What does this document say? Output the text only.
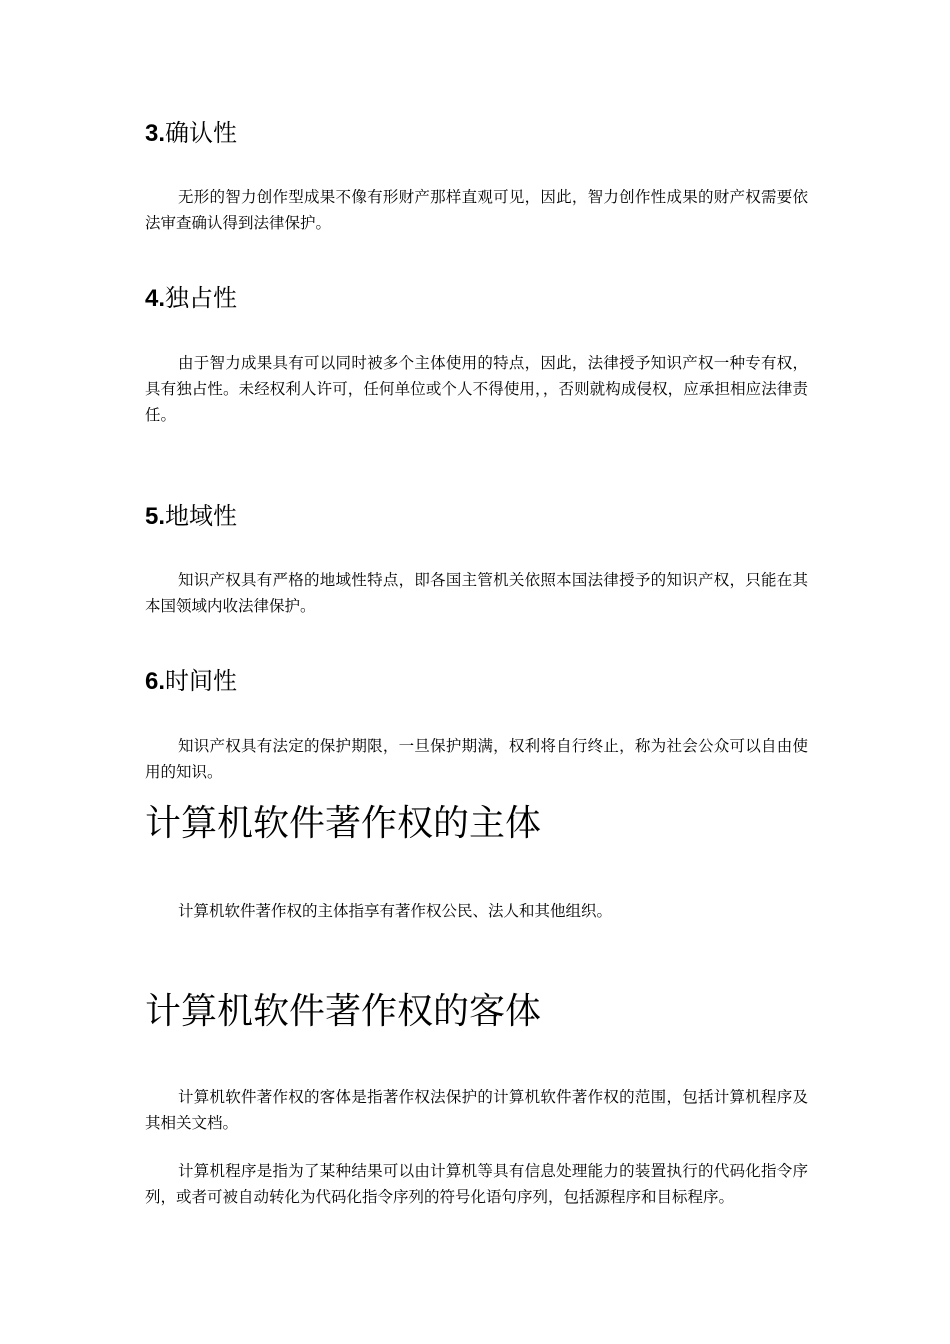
3.确认性

无形的智力创作型成果不像有形财产那样直观可见，因此，智力创作性成果的财产权需要依法审查确认得到法律保护。

4.独占性

由于智力成果具有可以同时被多个主体使用的特点，因此，法律授予知识产权一种专有权，具有独占性。未经权利人许可，任何单位或个人不得使用，，否则就构成侵权，应承担相应法律责任。

5.地域性

知识产权具有严格的地域性特点，即各国主管机关依照本国法律授予的知识产权，只能在其本国领域内收法律保护。

6.时间性

知识产权具有法定的保护期限，一旦保护期满，权利将自行终止，称为社会公众可以自由使用的知识。

计算机软件著作权的主体

计算机软件著作权的主体指享有著作权公民、法人和其他组织。

计算机软件著作权的客体

计算机软件著作权的客体是指著作权法保护的计算机软件著作权的范围，包括计算机程序及其相关文档。

计算机程序是指为了某种结果可以由计算机等具有信息处理能力的装置执行的代码化指令序列，或者可被自动转化为代码化指令序列的符号化语句序列，包括源程序和目标程序。
